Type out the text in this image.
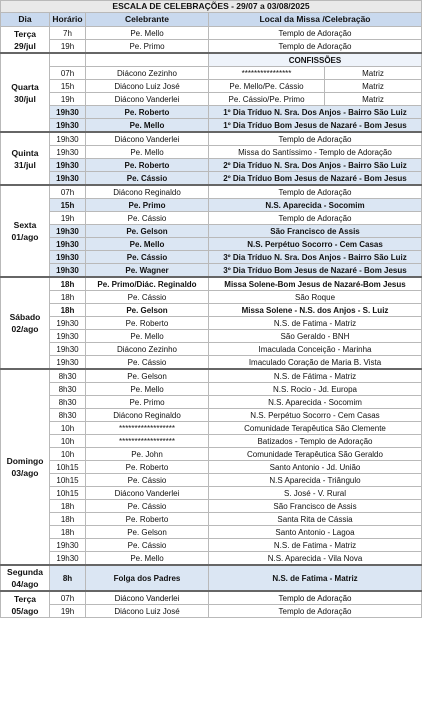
ESCALA DE CELEBRAÇÕES - 29/07 a 03/08/2025				
Dia	Horário	Celebrante	Local da Missa /Celebração	

Terça
29/jul	7h	Pe. Mello	Templo de Adoração	
	19h	Pe. Primo	Templo de Adoração	

Quarta
30/jul			CONFISSÕES	
	07h	Diácono Zezinho	****************	Matriz
	15h	Diácono Luiz José	Pe. Mello/Pe. Cássio	Matriz
	19h	Diácono Vanderlei	Pe. Cássio/Pe. Primo	Matriz
	19h30	Pe. Roberto	1º Dia Tríduo N. Sra. Dos Anjos - Bairro São Luiz	
	19h30	Pe. Mello	1º Dia Tríduo Bom Jesus de Nazaré - Bom Jesus	

Quinta
31/jul	19h30	Diácono Vanderlei	Templo de Adoração	
	19h30	Pe. Mello	Missa do Santíssimo - Templo de Adoração	
	19h30	Pe. Roberto	2º Dia Tríduo N. Sra. Dos Anjos - Bairro São Luiz	
	19h30	Pe. Cássio	2º Dia Tríduo Bom Jesus de Nazaré - Bom Jesus	

Sexta
01/ago	07h	Diácono Reginaldo	Templo de Adoração	
	15h	Pe. Primo	N.S. Aparecida - Socomim	
	19h	Pe. Cássio	Templo de Adoração	
	19h30	Pe. Gelson	São Francisco de Assis	
	19h30	Pe. Mello	N.S. Perpétuo Socorro - Cem Casas	
	19h30	Pe. Cássio	3º Dia Tríduo N. Sra. Dos Anjos - Bairro São Luiz	
	19h30	Pe. Wagner	3º Dia Tríduo Bom Jesus de Nazaré - Bom Jesus	

Sábado
02/ago	18h	Pe. Primo/Diác. Reginaldo	Missa Solene-Bom Jesus de Nazaré-Bom Jesus	
	18h	Pe. Cássio	São Roque	
	18h	Pe. Gelson	Missa Solene - N.S. dos Anjos - S. Luiz	
	19h30	Pe. Roberto	N.S. de Fatima - Matriz	
	19h30	Pe. Mello	São Geraldo - BNH	
	19h30	Diácono Zezinho	Imaculada Conceição - Marinha	
	19h30	Pe. Cássio	Imaculado Coração de Maria B. Vista	

Domingo
03/ago	8h30	Pe. Gelson	N.S. de Fátima - Matriz	
	8h30	Pe. Mello	N.S. Rocio - Jd. Europa	
	8h30	Pe. Primo	N.S. Aparecida - Socomim	
	8h30	Diácono Reginaldo	N.S. Perpétuo Socorro - Cem Casas	
	10h	******************	Comunidade Terapêutica São Clemente	
	10h	******************	Batizados - Templo de Adoração	
	10h	Pe. John	Comunidade Terapêutica São Geraldo	
	10h15	Pe. Roberto	Santo Antonio - Jd. União	
	10h15	Pe. Cássio	N.S Aparecida - Triângulo	
	10h15	Diácono Vanderlei	S. José - V. Rural	
	18h	Pe. Cássio	São Francisco de Assis	
	18h	Pe. Roberto	Santa Rita de Cássia	
	18h	Pe. Gelson	Santo Antonio - Lagoa	
	19h30	Pe. Cássio	N.S. de Fatima - Matriz	
	19h30	Pe. Mello	N.S. Aparecida - Vila Nova	

Segunda
04/ago	8h	Folga dos Padres	N.S. de Fatima - Matriz	

Terça
05/ago	07h	Diácono Vanderlei	Templo de Adoração	
	19h	Diácono Luiz José	Templo de Adoração	
